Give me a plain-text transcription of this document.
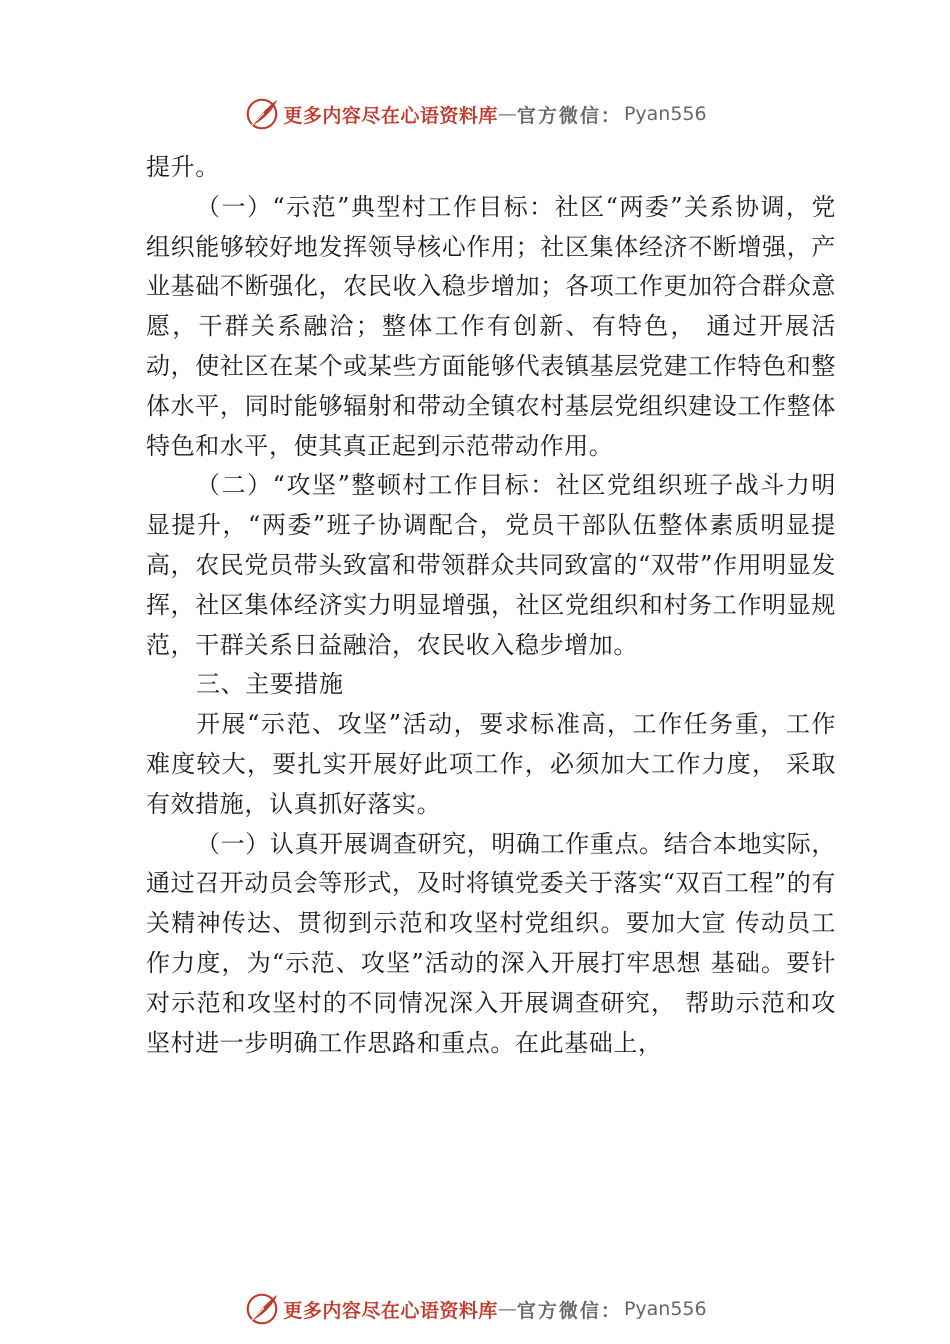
更多内容尽在心语资料库 — 官方微信： Pyan556

提升。

（一）“示范”典型村工作目标：社区“两委”关系协调，党组织能够较好地发挥领导核心作用；社区集体经济不断增强，产业基础不断强化，农民收入稳步增加；各项工作更加符合群众意愿，干群关系融洽；整体工作有创新、有特色， 通过开展活动，使社区在某个或某些方面能够代表镇基层党建工作特色和整体水平，同时能够辐射和带动全镇农村基层党组织建设工作整体特色和水平，使其真正起到示范带动作用。

（二）“攻坚”整顿村工作目标：社区党组织班子战斗力明显提升，“两委”班子协调配合，党员干部队伍整体素质明显提高，农民党员带头致富和带领群众共同致富的“双带”作用明显发挥，社区集体经济实力明显增强，社区党组织和村务工作明显规范，干群关系日益融洽，农民收入稳步增加。

三、主要措施

开展“示范、攻坚”活动，要求标准高，工作任务重，工作难度较大，要扎实开展好此项工作，必须加大工作力度， 采取有效措施，认真抓好落实。

（一）认真开展调查研究，明确工作重点。结合本地实际，通过召开动员会等形式，及时将镇党委关于落实“双百工程”的有关精神传达、贯彻到示范和攻坚村党组织。要加大宣 传动员工作力度，为“示范、攻坚”活动的深入开展打牢思想 基础。要针对示范和攻坚村的不同情况深入开展调查研究， 帮助示范和攻坚村进一步明确工作思路和重点。在此基础上，

更多内容尽在心语资料库 — 官方微信： Pyan556
